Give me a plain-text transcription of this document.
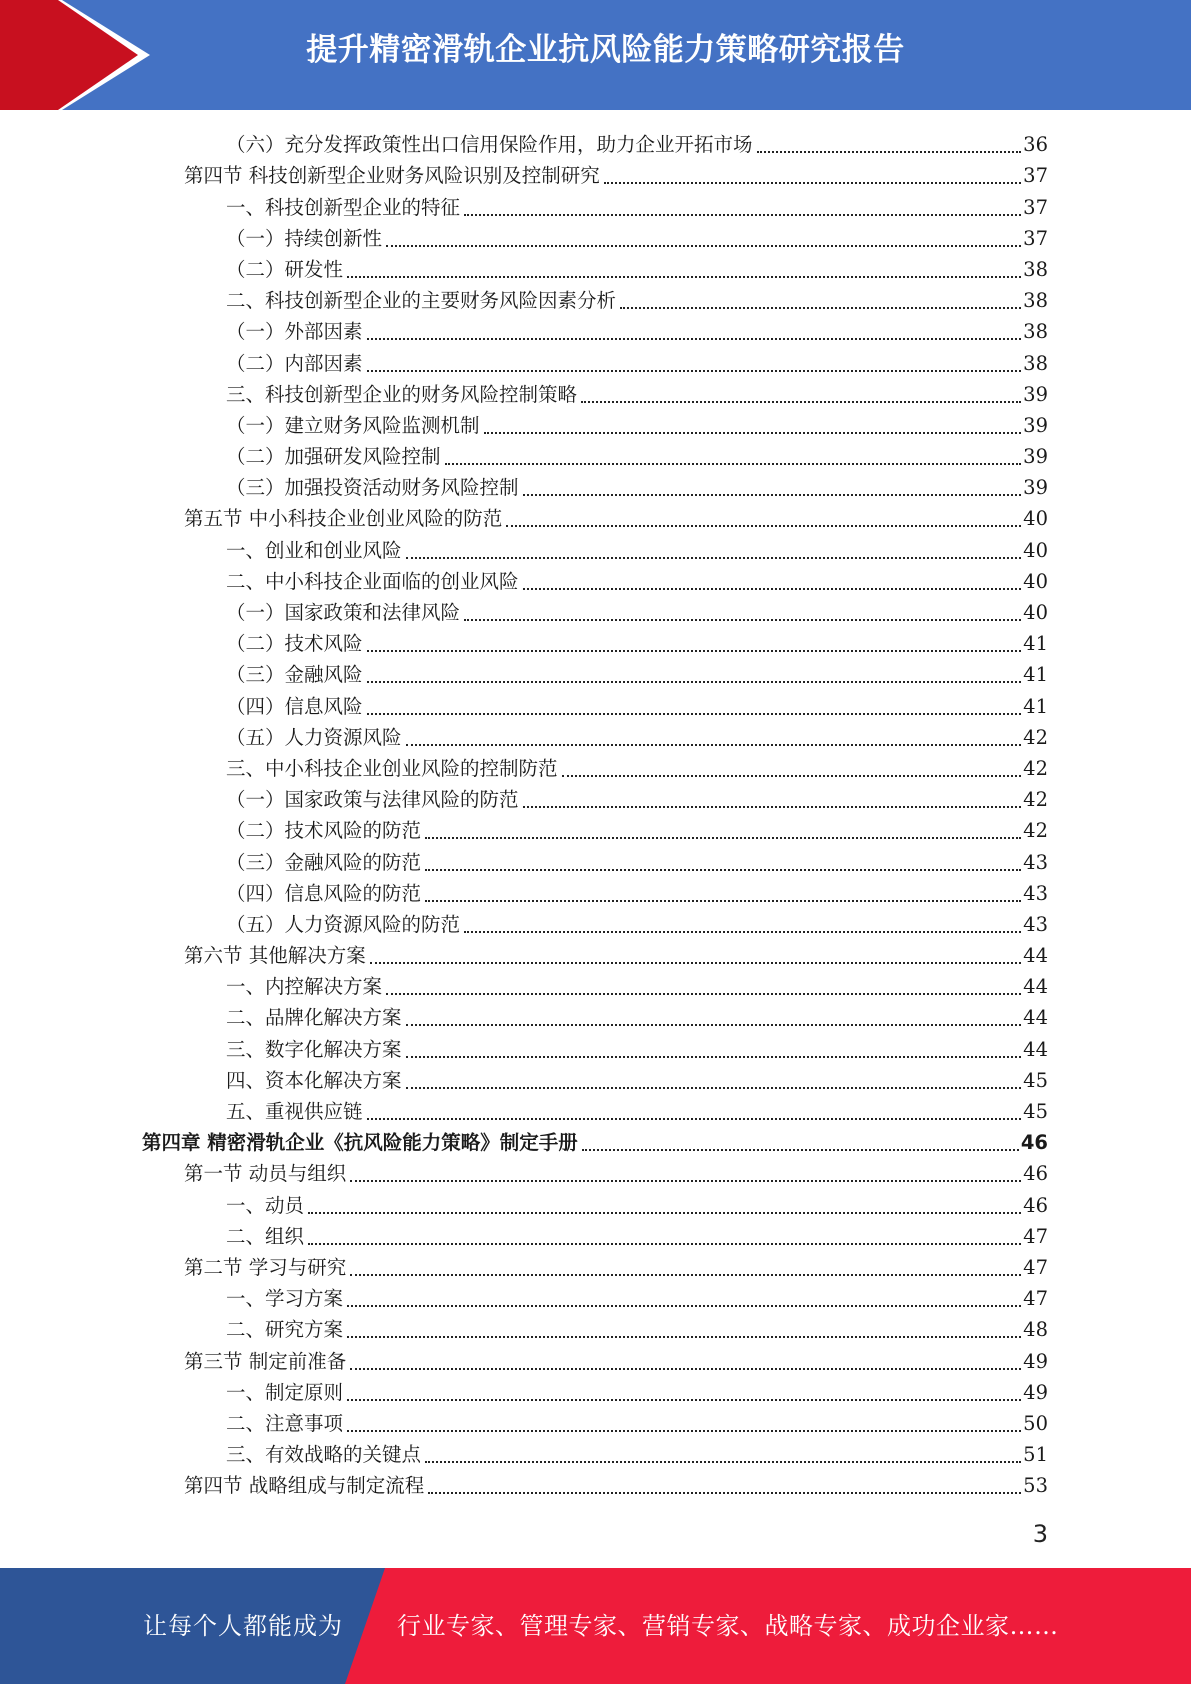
提升精密滑轨企业抗风险能力策略研究报告
（六）充分发挥政策性出口信用保险作用，助力企业开拓市场	36
第四节 科技创新型企业财务风险识别及控制研究	37
一、科技创新型企业的特征	37
（一）持续创新性	37
（二）研发性	38
二、科技创新型企业的主要财务风险因素分析	38
（一）外部因素	38
（二）内部因素	38
三、科技创新型企业的财务风险控制策略	39
（一）建立财务风险监测机制	39
（二）加强研发风险控制	39
（三）加强投资活动财务风险控制	39
第五节 中小科技企业创业风险的防范	40
一、创业和创业风险	40
二、中小科技企业面临的创业风险	40
（一）国家政策和法律风险	40
（二）技术风险	41
（三）金融风险	41
（四）信息风险	41
（五）人力资源风险	42
三、中小科技企业创业风险的控制防范	42
（一）国家政策与法律风险的防范	42
（二）技术风险的防范	42
（三）金融风险的防范	43
（四）信息风险的防范	43
（五）人力资源风险的防范	43
第六节 其他解决方案	44
一、内控解决方案	44
二、品牌化解决方案	44
三、数字化解决方案	44
四、资本化解决方案	45
五、重视供应链	45
第四章 精密滑轨企业《抗风险能力策略》制定手册	46
第一节 动员与组织	46
一、动员	46
二、组织	47
第二节 学习与研究	47
一、学习方案	47
二、研究方案	48
第三节 制定前准备	49
一、制定原则	49
二、注意事项	50
三、有效战略的关键点	51
第四节 战略组成与制定流程	53
3
让每个人都能成为 行业专家、管理专家、营销专家、战略专家、成功企业家……
